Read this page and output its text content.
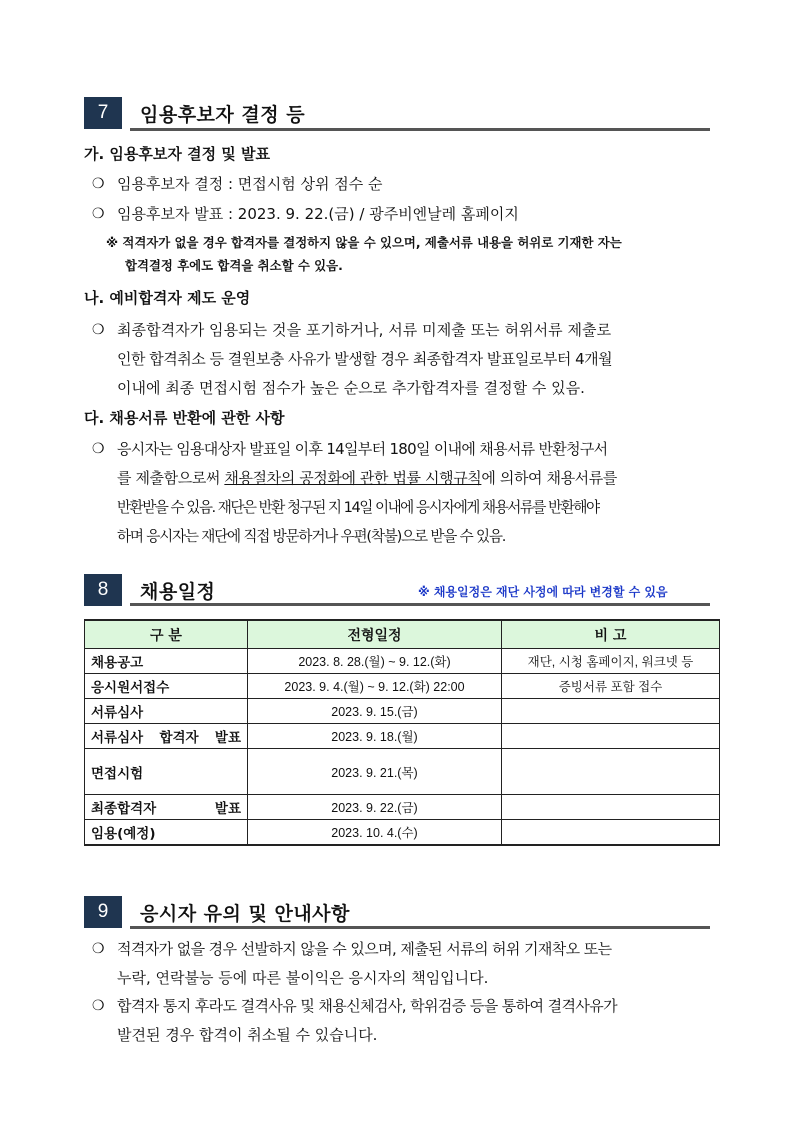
7	임용후보자 결정 등
가. 임용후보자 결정 및 발표
❍ 임용후보자 결정 : 면접시험 상위 점수 순
❍ 임용후보자 발표 : 2023. 9. 22.(금) / 광주비엔날레 홈페이지
※ 적격자가 없을 경우 합격자를 결정하지 않을 수 있으며, 제출서류 내용을 허위로 기재한 자는
합격결정 후에도 합격을 취소할 수 있음.
나. 예비합격자 제도 운영
❍ 최종합격자가 임용되는 것을 포기하거나, 서류 미제출 또는 허위서류 제출로
인한 합격취소 등 결원보충 사유가 발생할 경우 최종합격자 발표일로부터 4개월
이내에 최종 면접시험 점수가 높은 순으로 추가합격자를 결정할 수 있음.
다. 채용서류 반환에 관한 사항
❍ 응시자는 임용대상자 발표일 이후 14일부터 180일 이내에 채용서류 반환청구서
를 제출함으로써 채용절차의 공정화에 관한 법률 시행규칙에 의하여 채용서류를
반환받을 수 있음. 재단은 반환 청구된 지 14일 이내에 응시자에게 채용서류를 반환해야
하며 응시자는 재단에 직접 방문하거나 우편(착불)으로 받을 수 있음.
8	채용일정	※ 채용일정은 재단 사정에 따라 변경할 수 있음
구 분	전형일정	비 고

채용공고	2023. 8. 28.(월) ~ 9. 12.(화)	재단, 시청 홈페이지, 워크넷 등

응시원서접수	2023. 9. 4.(월) ~ 9. 12.(화) 22:00	증빙서류 포함 접수

서류심사	2023. 9. 15.(금)	

서류심사 합격자 발표	2023. 9. 18.(월)	

면접시험	2023. 9. 21.(목)	

최종합격자 발표	2023. 9. 22.(금)	

임용(예정)	2023. 10. 4.(수)	
9	응시자 유의 및 안내사항
❍ 적격자가 없을 경우 선발하지 않을 수 있으며, 제출된 서류의 허위 기재착오 또는
누락, 연락불능 등에 따른 불이익은 응시자의 책임입니다.
❍ 합격자 통지 후라도 결격사유 및 채용신체검사, 학위검증 등을 통하여 결격사유가
발견된 경우 합격이 취소될 수 있습니다.
